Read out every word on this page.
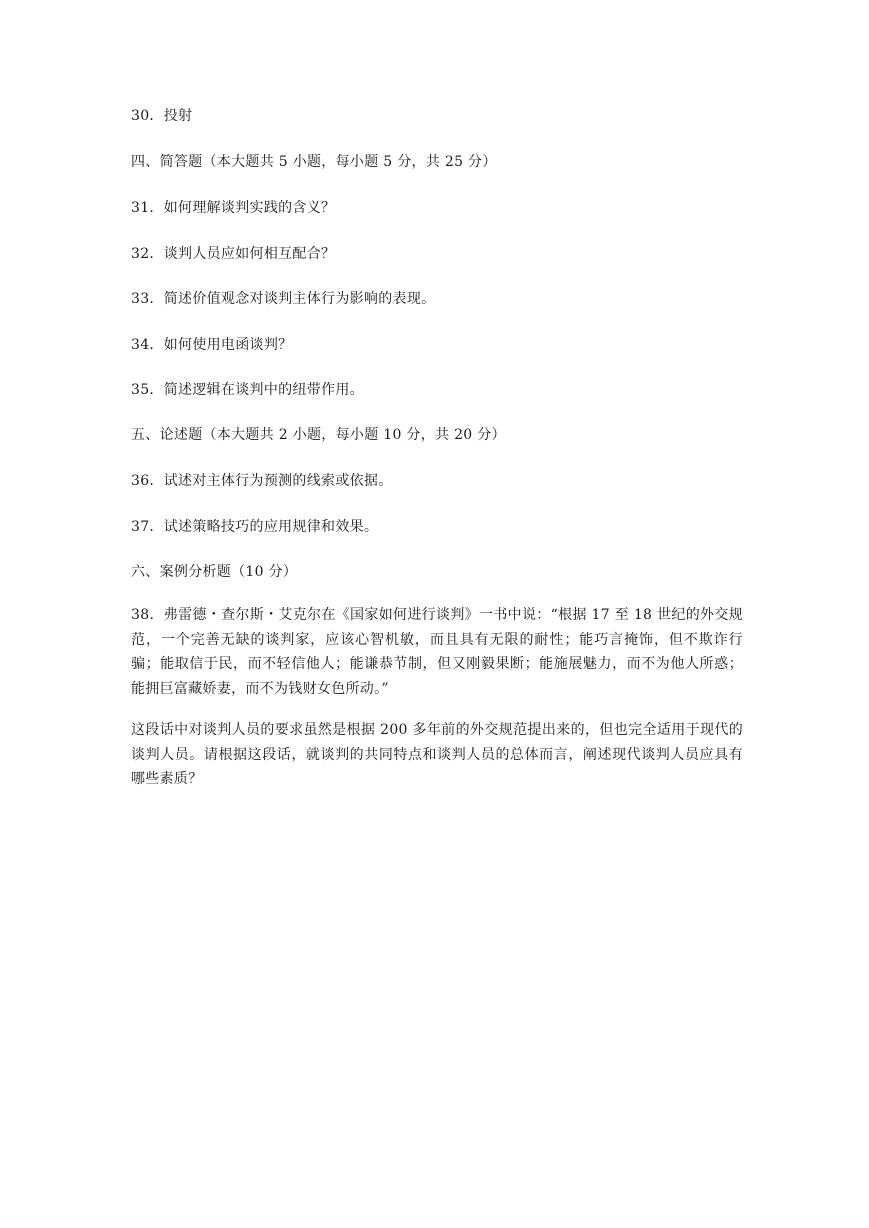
30．投射
四、简答题（本大题共 5 小题，每小题 5 分，共 25 分）
31．如何理解谈判实践的含义？
32．谈判人员应如何相互配合？
33．简述价值观念对谈判主体行为影响的表现。
34．如何使用电函谈判？
35．简述逻辑在谈判中的纽带作用。
五、论述题（本大题共 2 小题，每小题 10 分，共 20 分）
36．试述对主体行为预测的线索或依据。
37．试述策略技巧的应用规律和效果。
六、案例分析题（10 分）
38．弗雷德・查尔斯・艾克尔在《国家如何进行谈判》一书中说：“根据 17 至 18 世纪的外交规范，一个完善无缺的谈判家，应该心智机敏，而且具有无限的耐性；能巧言掩饰，但不欺诈行骗；能取信于民，而不轻信他人；能谦恭节制，但又刚毅果断；能施展魅力，而不为他人所惑；能拥巨富藏娇妻，而不为钱财女色所动。”
这段话中对谈判人员的要求虽然是根据 200 多年前的外交规范提出来的，但也完全适用于现代的谈判人员。请根据这段话，就谈判的共同特点和谈判人员的总体而言，阐述现代谈判人员应具有哪些素质？
